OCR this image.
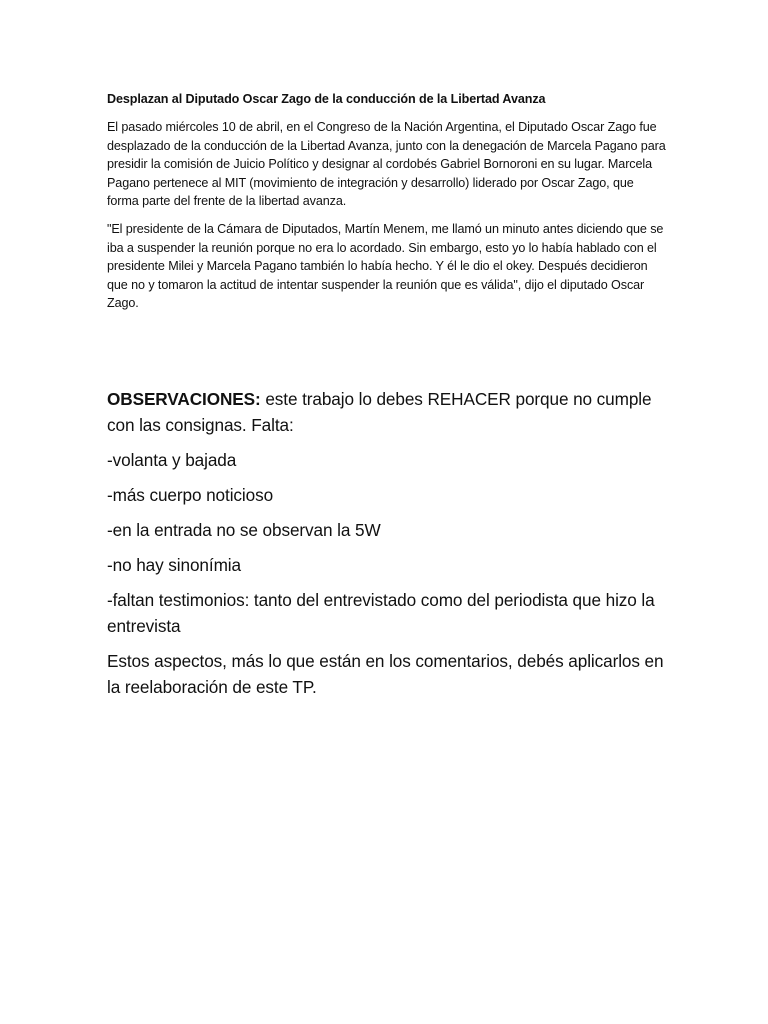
Desplazan al Diputado Oscar Zago de la conducción de la Libertad Avanza

El pasado miércoles 10 de abril, en el Congreso de la Nación Argentina, el Diputado Oscar Zago fue desplazado de la conducción de la Libertad Avanza, junto con la denegación de Marcela Pagano para presidir la comisión de Juicio Político y designar al cordobés Gabriel Bornoroni en su lugar. Marcela Pagano pertenece al MIT (movimiento de integración y desarrollo) liderado por Oscar Zago, que forma parte del frente de la libertad avanza.

"El presidente de la Cámara de Diputados, Martín Menem, me llamó un minuto antes diciendo que se iba a suspender la reunión porque no era lo acordado. Sin embargo, esto yo lo había hablado con el presidente Milei y Marcela Pagano también lo había hecho. Y él le dio el okey. Después decidieron que no y tomaron la actitud de intentar suspender la reunión que es válida", dijo el diputado Oscar Zago.

OBSERVACIONES: este trabajo lo debes REHACER porque no cumple con las consignas. Falta:

-volanta y bajada

-más cuerpo noticioso

-en la entrada no se observan la 5W

-no hay sinonímia

-faltan testimonios: tanto del entrevistado como del periodista que hizo la entrevista

Estos aspectos, más lo que están en los comentarios, debés aplicarlos en la reelaboración de este TP.
